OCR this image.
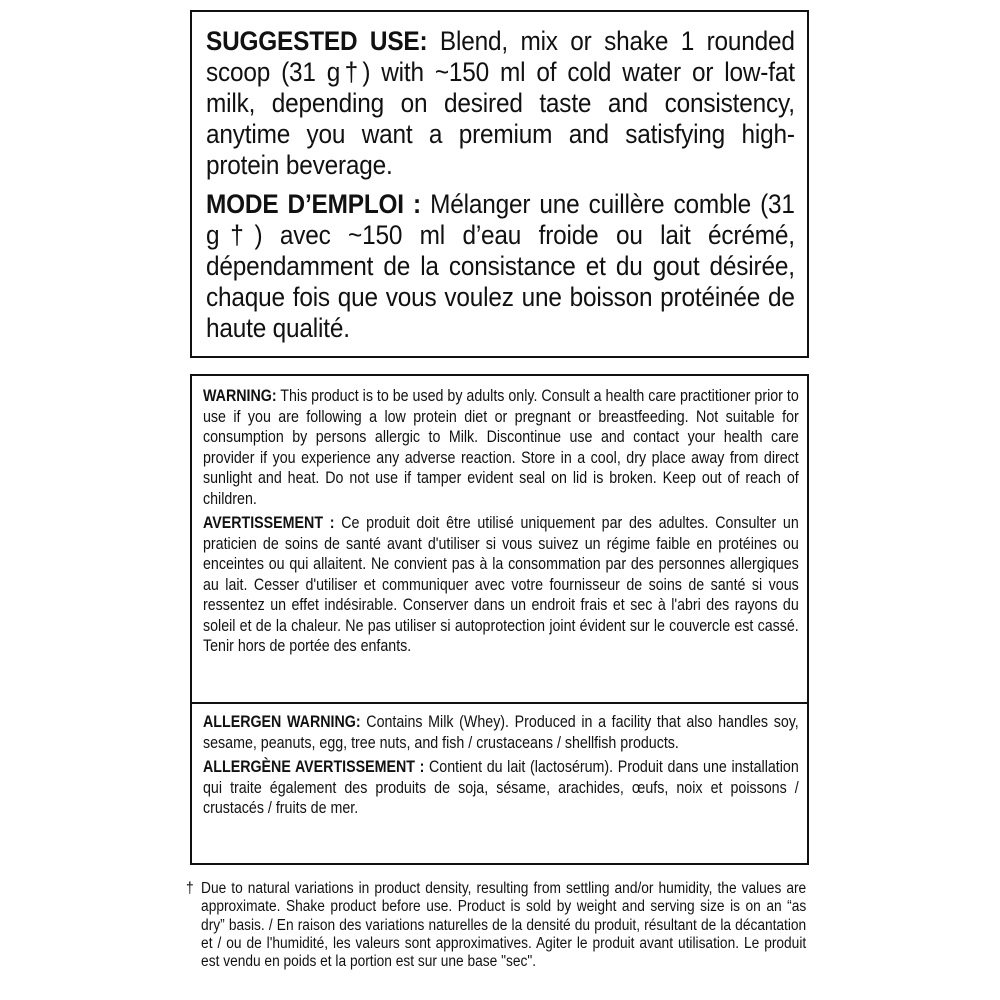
SUGGESTED USE: Blend, mix or shake 1 rounded scoop (31 g†) with ~150 ml of cold water or low-fat milk, depending on desired taste and consistency, anytime you want a premium and satisfying high-protein beverage.

MODE D’EMPLOI : Mélanger une cuillère comble (31 g†) avec ~150 ml d’eau froide ou lait écrémé, dépendamment de la consistance et du gout désirée, chaque fois que vous voulez une boisson protéinée de haute qualité.

WARNING: This product is to be used by adults only. Consult a health care practitioner prior to use if you are following a low protein diet or pregnant or breastfeeding. Not suitable for consumption by persons allergic to Milk. Discontinue use and contact your health care provider if you experience any adverse reaction. Store in a cool, dry place away from direct sunlight and heat. Do not use if tamper evident seal on lid is broken. Keep out of reach of children.

AVERTISSEMENT : Ce produit doit être utilisé uniquement par des adultes. Consulter un praticien de soins de santé avant d'utiliser si vous suivez un régime faible en protéines ou enceintes ou qui allaitent. Ne convient pas à la consommation par des personnes allergiques au lait. Cesser d'utiliser et communiquer avec votre fournisseur de soins de santé si vous ressentez un effet indésirable. Conserver dans un endroit frais et sec à l'abri des rayons du soleil et de la chaleur. Ne pas utiliser si autoprotection joint évident sur le couvercle est cassé. Tenir hors de portée des enfants.

ALLERGEN WARNING: Contains Milk (Whey). Produced in a facility that also handles soy, sesame, peanuts, egg, tree nuts, and fish / crustaceans / shellfish products.

ALLERGÈNE AVERTISSEMENT : Contient du lait (lactosérum). Produit dans une installation qui traite également des produits de soja, sésame, arachides, œufs, noix et poissons / crustacés / fruits de mer.

† Due to natural variations in product density, resulting from settling and/or humidity, the values are approximate. Shake product before use. Product is sold by weight and serving size is on an “as dry” basis. / En raison des variations naturelles de la densité du produit, résultant de la décantation et / ou de l'humidité, les valeurs sont approximatives. Agiter le produit avant utilisation. Le produit est vendu en poids et la portion est sur une base "sec".
